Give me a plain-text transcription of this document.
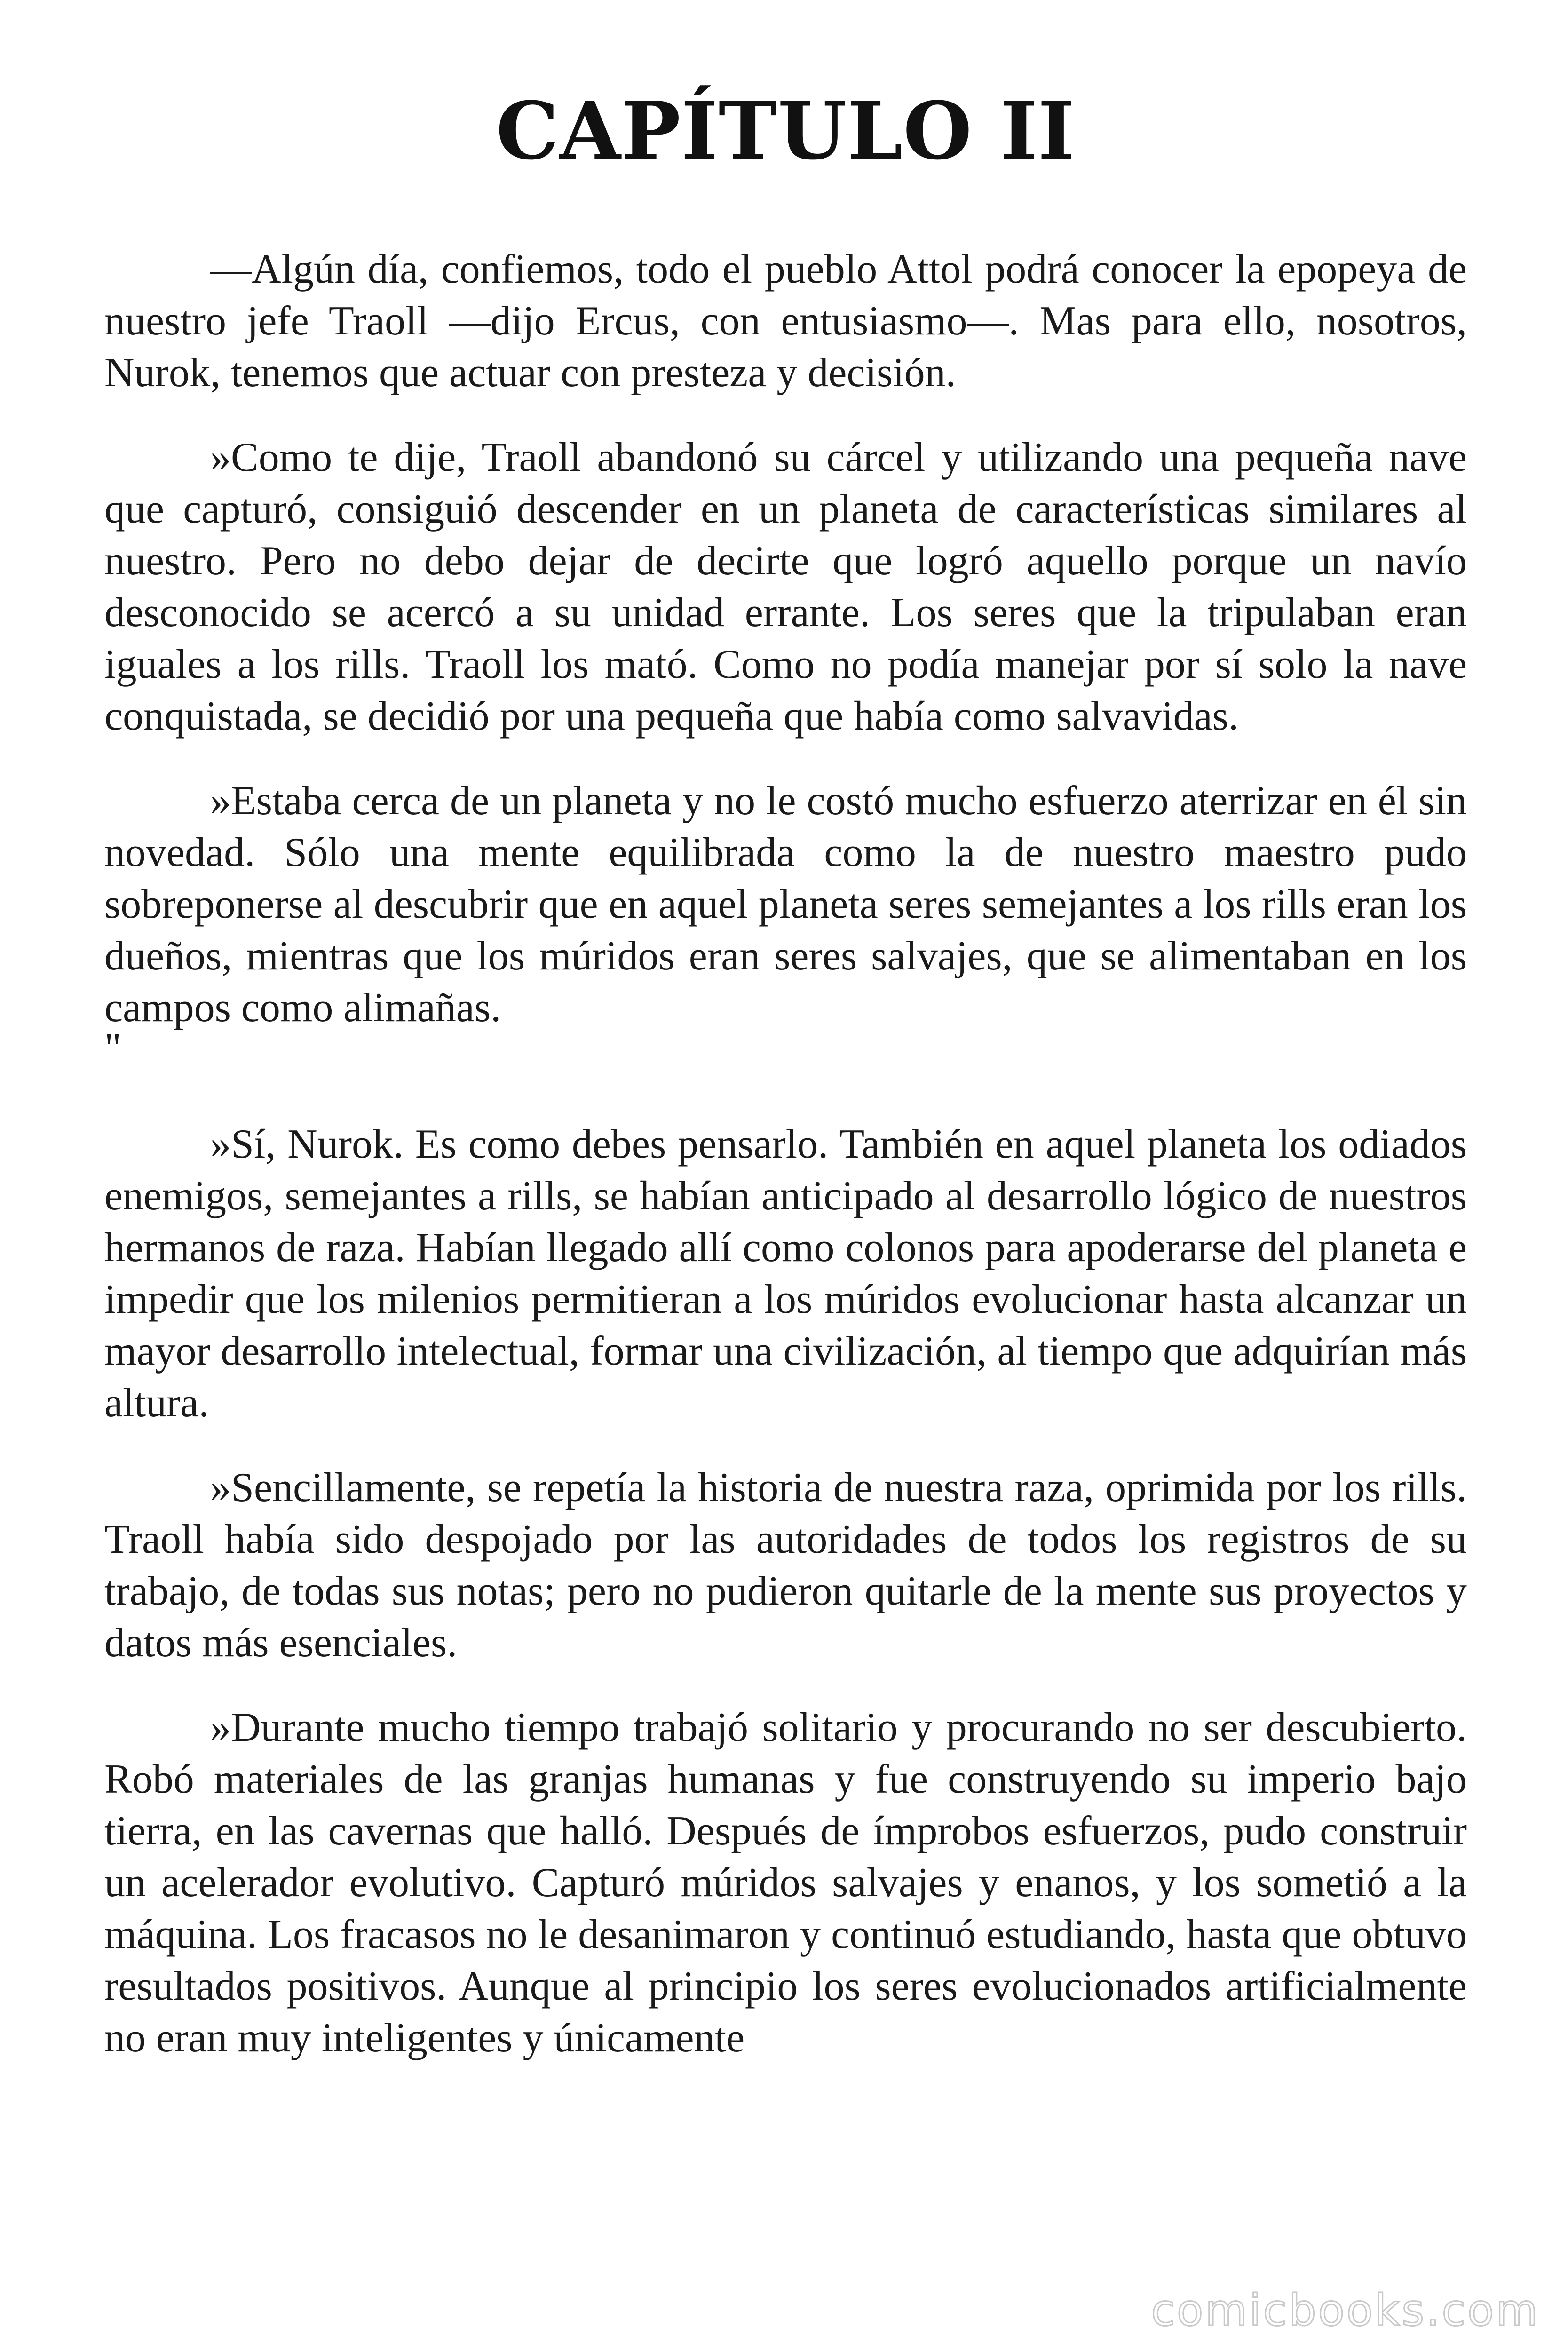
CAPÍTULO II

—Algún día, confiemos, todo el pueblo Attol podrá conocer la epopeya de nuestro jefe Traoll —dijo Ercus, con entusiasmo—. Mas para ello, nosotros, Nurok, tenemos que actuar con presteza y decisión.

»Como te dije, Traoll abandonó su cárcel y utilizando una pequeña nave que capturó, consiguió descender en un planeta de características similares al nuestro. Pero no debo dejar de decirte que logró aquello porque un navío desconocido se acercó a su unidad errante. Los seres que la tripulaban eran iguales a los rills. Traoll los mató. Como no podía manejar por sí solo la nave conquistada, se decidió por una pequeña que había como salvavidas.

»Estaba cerca de un planeta y no le costó mucho esfuerzo aterrizar en él sin novedad. Sólo una mente equilibrada como la de nuestro maestro pudo sobreponerse al descubrir que en aquel planeta seres semejantes a los rills eran los dueños, mientras que los múridos eran seres salvajes, que se alimentaban en los campos como alimañas.

"

»Sí, Nurok. Es como debes pensarlo. También en aquel planeta los odiados enemigos, semejantes a rills, se habían anticipado al desarrollo lógico de nuestros hermanos de raza. Habían llegado allí como colonos para apoderarse del planeta e impedir que los milenios permitieran a los múridos evolucionar hasta alcanzar un mayor desarrollo intelectual, formar una civilización, al tiempo que adquirían más altura.

»Sencillamente, se repetía la historia de nuestra raza, oprimida por los rills. Traoll había sido despojado por las autoridades de todos los registros de su trabajo, de todas sus notas; pero no pudieron quitarle de la mente sus proyectos y datos más esenciales.

»Durante mucho tiempo trabajó solitario y procurando no ser descubierto. Robó materiales de las granjas humanas y fue construyendo su imperio bajo tierra, en las cavernas que halló. Después de ímprobos esfuerzos, pudo construir un acelerador evolutivo. Capturó múridos salvajes y enanos, y los sometió a la máquina. Los fracasos no le desanimaron y continuó estudiando, hasta que obtuvo resultados positivos. Aunque al principio los seres evolucionados artificialmente no eran muy inteligentes y únicamente

comicbooks.com
